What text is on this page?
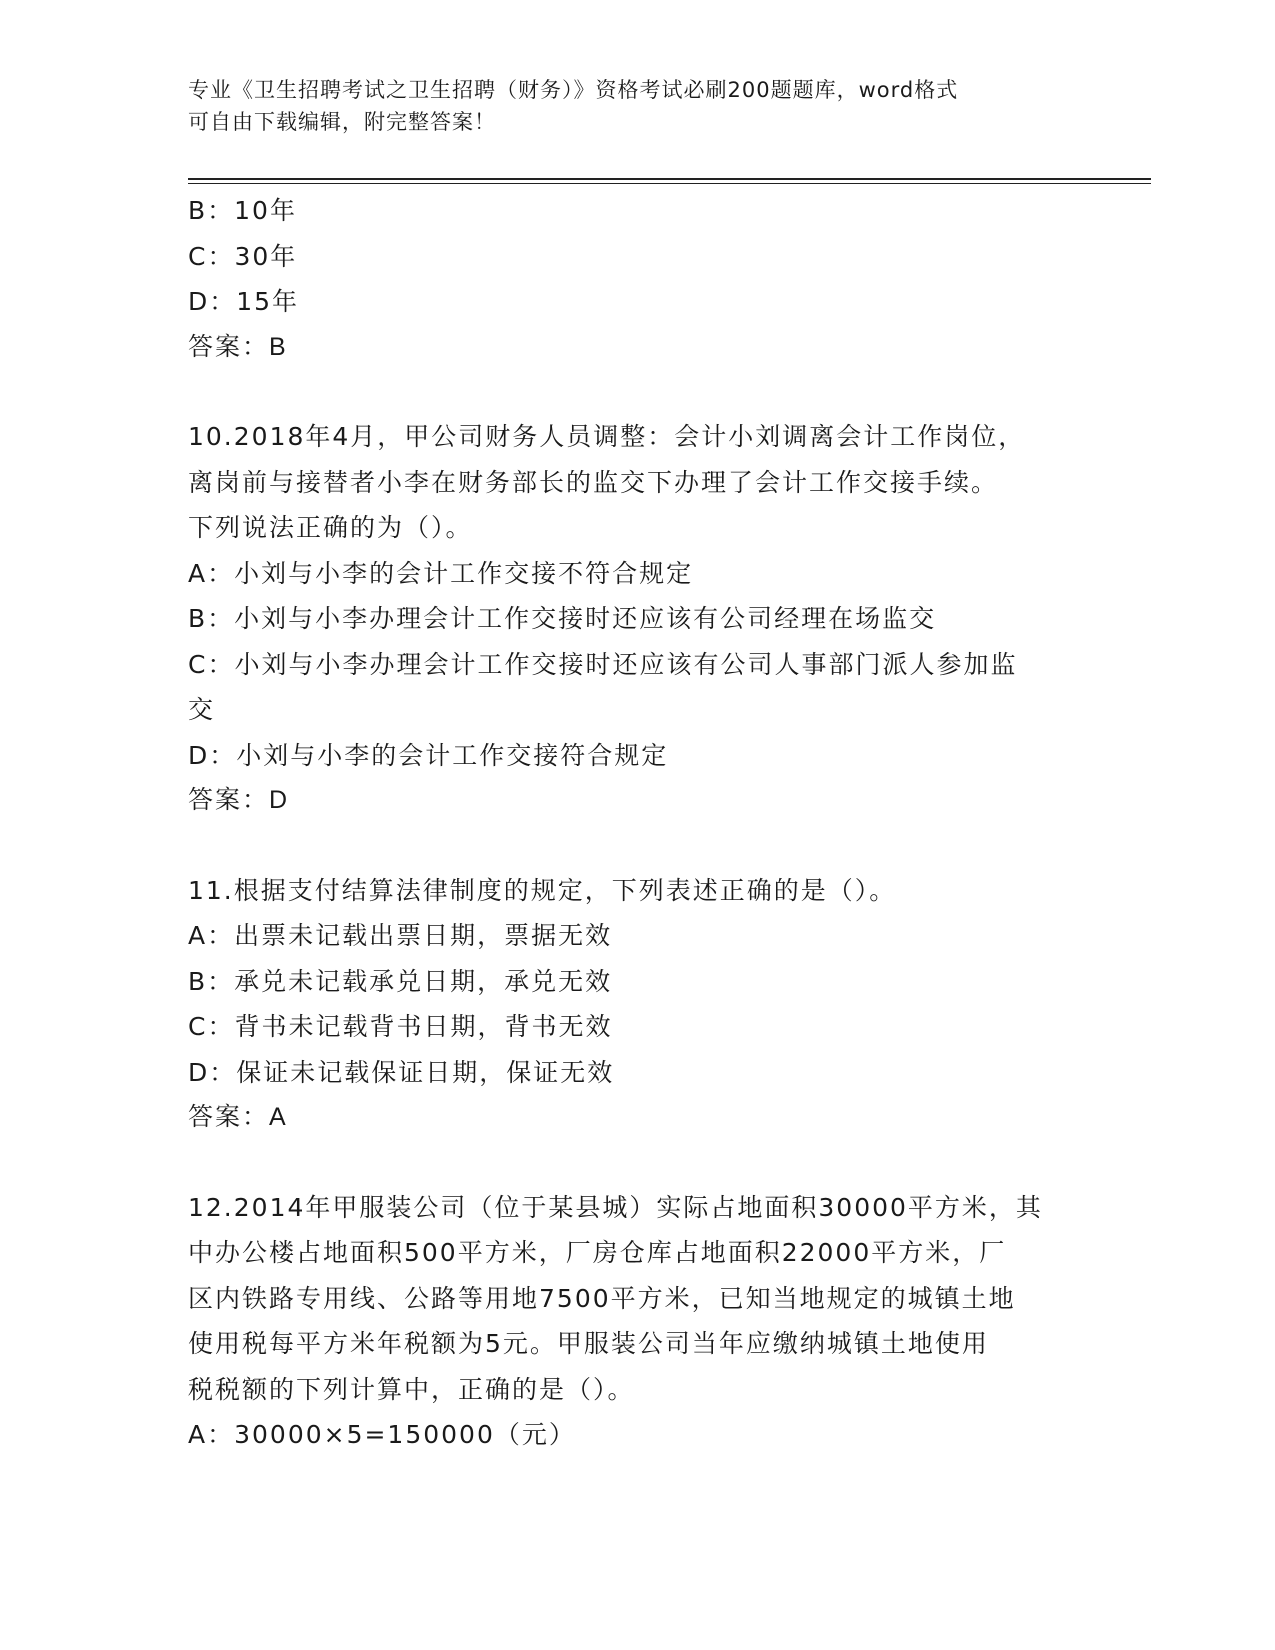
专业《卫生招聘考试之卫生招聘（财务）》资格考试必刷200题题库，word格式
可自由下载编辑，附完整答案！

B：10年

C：30年

D：15年

答案：B

10.2018年4月，甲公司财务人员调整：会计小刘调离会计工作岗位，

离岗前与接替者小李在财务部长的监交下办理了会计工作交接手续。

下列说法正确的为（）。

A：小刘与小李的会计工作交接不符合规定

B：小刘与小李办理会计工作交接时还应该有公司经理在场监交

C：小刘与小李办理会计工作交接时还应该有公司人事部门派人参加监

交

D：小刘与小李的会计工作交接符合规定

答案：D

11.根据支付结算法律制度的规定，下列表述正确的是（）。

A：出票未记载出票日期，票据无效

B：承兑未记载承兑日期，承兑无效

C：背书未记载背书日期，背书无效

D：保证未记载保证日期，保证无效

答案：A

12.2014年甲服装公司（位于某县城）实际占地面积30000平方米，其

中办公楼占地面积500平方米，厂房仓库占地面积22000平方米，厂

区内铁路专用线、公路等用地7500平方米，已知当地规定的城镇土地

使用税每平方米年税额为5元。甲服装公司当年应缴纳城镇土地使用

税税额的下列计算中，正确的是（）。

A：30000×5=150000（元）
